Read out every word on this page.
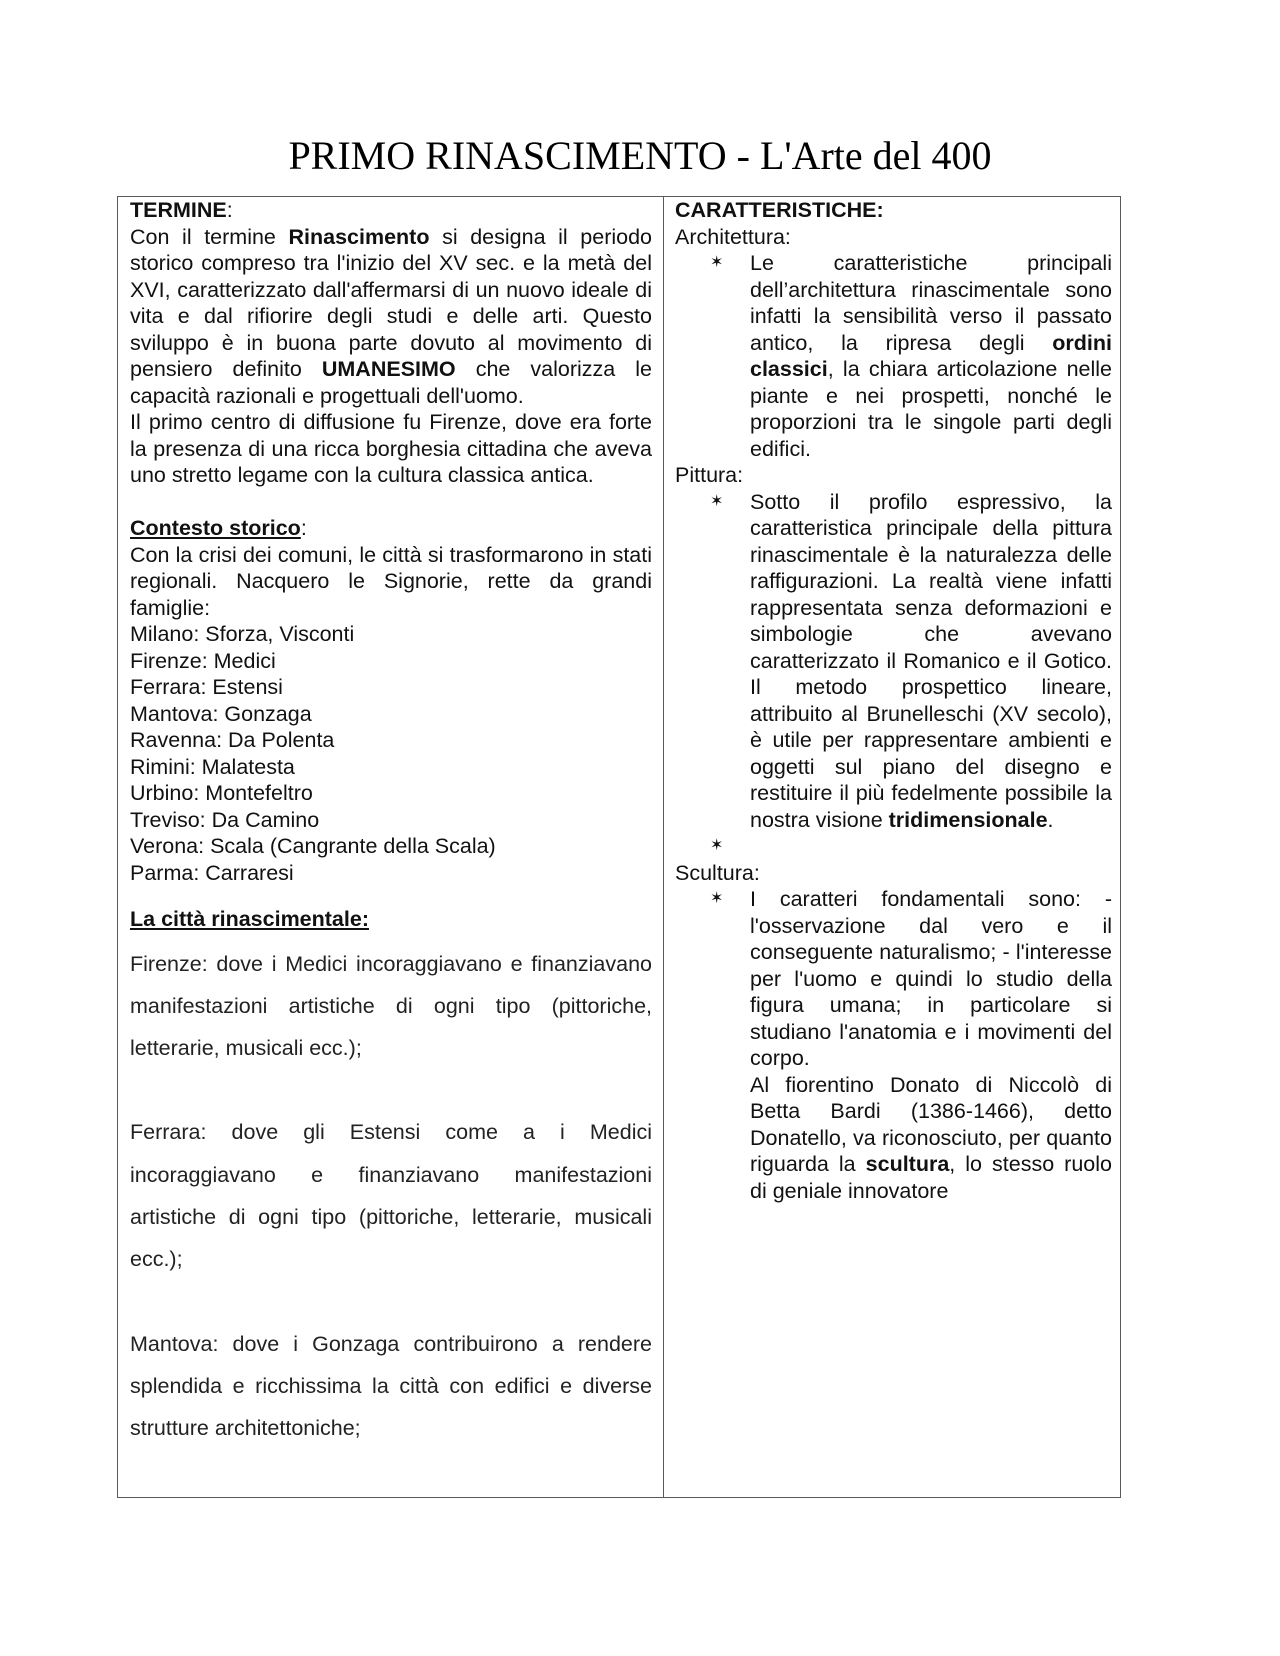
PRIMO RINASCIMENTO - L'Arte del 400

TERMINE:

Con il termine Rinascimento si designa il periodo storico compreso tra l'inizio del XV sec. e la metà del XVI, caratterizzato dall'affermarsi di un nuovo ideale di vita e dal rifiorire degli studi e delle arti. Questo sviluppo è in buona parte dovuto al movimento di pensiero definito UMANESIMO che valorizza le capacità razionali e progettuali dell'uomo.

Il primo centro di diffusione fu Firenze, dove era forte la presenza di una ricca borghesia cittadina che aveva uno stretto legame con la cultura classica antica.

Contesto storico:

Con la crisi dei comuni, le città si trasformarono in stati regionali. Nacquero le Signorie, rette da grandi famiglie:

Milano: Sforza, Visconti

Firenze: Medici

Ferrara: Estensi

Mantova: Gonzaga

Ravenna: Da Polenta

Rimini: Malatesta

Urbino: Montefeltro

Treviso: Da Camino

Verona: Scala (Cangrante della Scala)

Parma: Carraresi

La città rinascimentale:

Firenze: dove i Medici incoraggiavano e finanziavano manifestazioni artistiche di ogni tipo (pittoriche, letterarie, musicali ecc.);

Ferrara: dove gli Estensi come a i Medici incoraggiavano e finanziavano manifestazioni artistiche di ogni tipo (pittoriche, letterarie, musicali ecc.);

Mantova: dove i Gonzaga contribuirono a rendere splendida e ricchissima la città con edifici e diverse strutture architettoniche;

CARATTERISTICHE:

Architettura:

✶ Le caratteristiche principali dell’architettura rinascimentale sono infatti la sensibilità verso il passato antico, la ripresa degli ordini classici, la chiara articolazione nelle piante e nei prospetti, nonché le proporzioni tra le singole parti degli edifici.

Pittura:

✶ Sotto il profilo espressivo, la caratteristica principale della pittura rinascimentale è la naturalezza delle raffigurazioni. La realtà viene infatti rappresentata senza deformazioni e simbologie che avevano caratterizzato il Romanico e il Gotico. Il metodo prospettico lineare, attribuito al Brunelleschi (XV secolo), è utile per rappresentare ambienti e oggetti sul piano del disegno e restituire il più fedelmente possibile la nostra visione tridimensionale.
✶

Scultura:

✶ I caratteri fondamentali sono: - l'osservazione dal vero e il conseguente naturalismo; - l'interesse per l'uomo e quindi lo studio della figura umana; in particolare si studiano l'anatomia e i movimenti del corpo.
Al fiorentino Donato di Niccolò di Betta Bardi (1386-1466), detto Donatello, va riconosciuto, per quanto riguarda la scultura, lo stesso ruolo di geniale innovatore
